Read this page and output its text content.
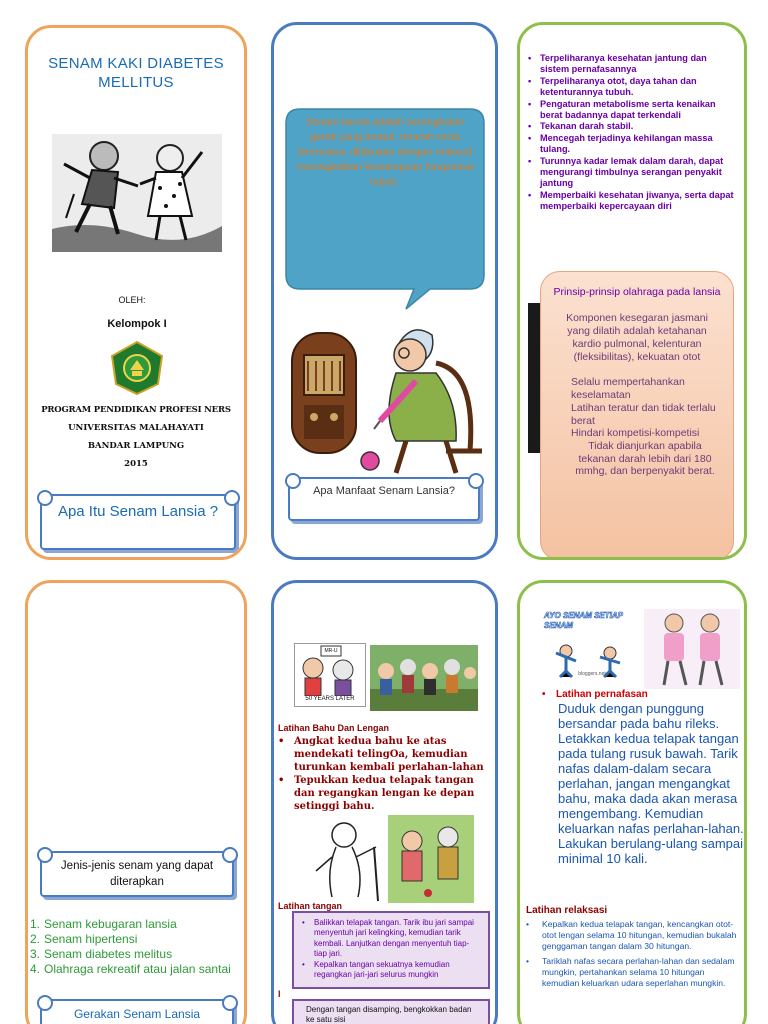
SENAM KAKI DIABETES MELLITUS
OLEH:
Kelompok I
PROGRAM PENDIDIKAN PROFESI NERS
UNIVERSITAS MALAHAYATI
BANDAR LAMPUNG
2015
Apa Itu Senam Lansia ?
Senam lansia adalah serangkaian gerak yang teratur, terarah serta terencana, dilakukan dengan maksud meningkatkan kemampuan fungsional tubuh.
Apa Manfaat Senam Lansia?
• Terpeliharanya kesehatan jantung dan sistem pernafasannya
• Terpeliharanya otot, daya tahan dan ketenturannya tubuh.
• Pengaturan metabolisme serta kenaikan berat badannya dapat terkendali
• Tekanan darah stabil.
• Mencegah terjadinya kehilangan massa tulang.
• Turunnya kadar lemak dalam darah, dapat mengurangi timbulnya serangan penyakit jantung
• Memperbaiki kesehatan jiwanya, serta dapat memperbaiki kepercayaan diri
Prinsip-prinsip olahraga pada lansia
Komponen kesegaran jasmani yang dilatih adalah ketahanan kardio pulmonal, kelenturan (fleksibilitas), kekuatan otot
Selalu mempertahankan keselamatan
Latihan teratur dan tidak terlalu berat
Hindari kompetisi-kompetisi
Tidak dianjurkan apabila tekanan darah lebih dari 180 mmhg, dan berpenyakit berat.
Jenis-jenis senam yang dapat diterapkan
1. Senam kebugaran lansia
2. Senam hipertensi
3. Senam diabetes melitus
4. Olahraga rekreatif atau jalan santai
Gerakan Senam Lansia
MR-U
50 YEARS LATER
Latihan Bahu Dan Lengan
• Angkat kedua bahu ke atas mendekati telingOa, kemudian turunkan kembali perlahan-lahan
• Tepukkan kedua telapak tangan dan regangkan lengan ke depan setinggi bahu.
Latihan tangan
• Balikkan telapak tangan. Tarik ibu jari sampai menyentuh jari kelingking, kemudian tarik kembali. Lanjutkan dengan menyentuh tiap-tiap jari.
• Kepalkan tangan sekuatnya kemudian regangkan jari-jari selurus mungkin
l
Dengan tangan disamping, bengkokkan badan ke satu sisi
AYO SENAM SETIAP SENAM
bloggers.net
• Latihan pernafasan
Duduk dengan punggung bersandar pada bahu rileks. Letakkan kedua telapak tangan pada tulang rusuk bawah. Tarik nafas dalam-dalam secara perlahan, jangan mengangkat bahu, maka dada akan merasa mengembang. Kemudian keluarkan nafas perlahan-lahan. Lakukan berulang-ulang sampai minimal 10 kali.
Latihan relaksasi
• Kepalkan kedua telapak tangan, kencangkan otot-otot lengan selama 10 hitungan, kemudian bukalah genggaman tangan dalam 30 hitungan.
• Tariklah nafas secara perlahan-lahan dan sedalam mungkin, pertahankan selama 10 hitungan kemudian keluarkan udara seperlahan mungkin.
